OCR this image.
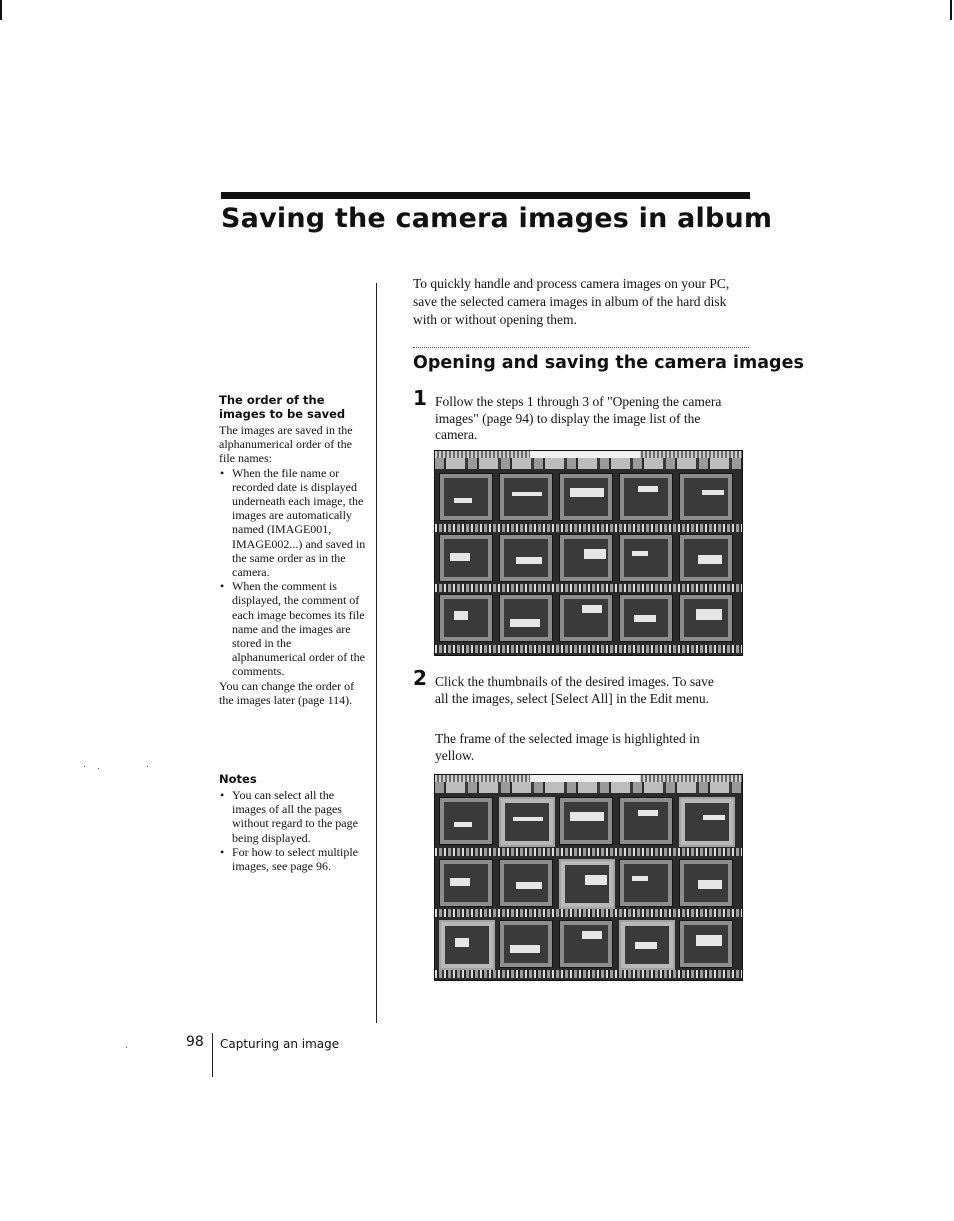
Saving the camera images in album
To quickly handle and process camera images on your PC, save the selected camera images in album of the hard disk with or without opening them.
Opening and saving the camera images
1 Follow the steps 1 through 3 of "Opening the camera images" (page 94) to display the image list of the camera.
2 Click the thumbnails of the desired images. To save all the images, select [Select All] in the Edit menu.
The frame of the selected image is highlighted in yellow.
The order of the images to be saved
The images are saved in the alphanumerical order of the file names:
• When the file name or recorded date is displayed underneath each image, the images are automatically named (IMAGE001, IMAGE002...) and saved in the same order as in the camera.
• When the comment is displayed, the comment of each image becomes its file name and the images are stored in the alphanumerical order of the comments.
You can change the order of the images later (page 114).
Notes
• You can select all the images of all the pages without regard to the page being displayed.
• For how to select multiple images, see page 96.
98 Capturing an image
